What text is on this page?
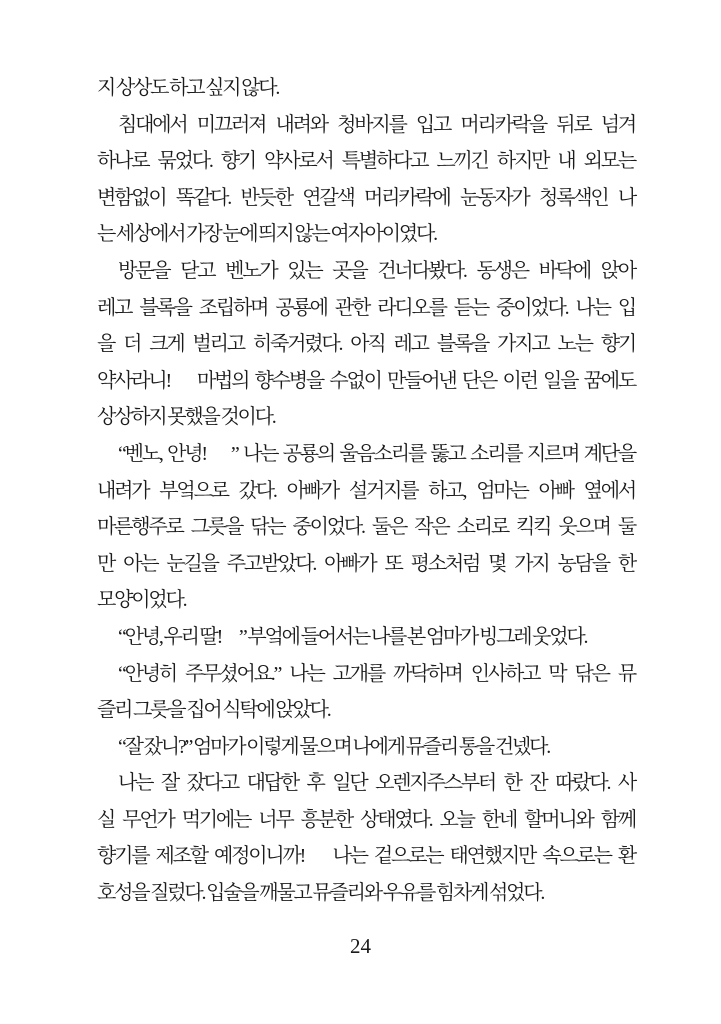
지 상상도 하고 싶지 않다.
침대에서 미끄러져 내려와 청바지를 입고 머리카락을 뒤로 넘겨
하나로 묶었다. 향기 약사로서 특별하다고 느끼긴 하지만 내 외모는
변함없이 똑같다. 반듯한 연갈색 머리카락에 눈동자가 청록색인 나
는 세상에서 가장 눈에 띄지 않는 여자아이였다.
방문을 닫고 벤노가 있는 곳을 건너다봤다. 동생은 바닥에 앉아
레고 블록을 조립하며 공룡에 관한 라디오를 듣는 중이었다. 나는 입
을 더 크게 벌리고 히죽거렸다. 아직 레고 블록을 가지고 노는 향기
약사라니!　마법의 향수병을 수없이 만들어낸 단은 이런 일을 꿈에도
상상하지 못했을 것이다.
“벤노, 안녕!　” 나는 공룡의 울음소리를 뚫고 소리를 지르며 계단을
내려가 부엌으로 갔다. 아빠가 설거지를 하고, 엄마는 아빠 옆에서
마른행주로 그릇을 닦는 중이었다. 둘은 작은 소리로 킥킥 웃으며 둘
만 아는 눈길을 주고받았다. 아빠가 또 평소처럼 몇 가지 농담을 한
모양이었다.
“안녕, 우리 딸!　” 부엌에 들어서는 나를 본 엄마가 빙그레 웃었다.
“안녕히 주무셨어요.” 나는 고개를 까닥하며 인사하고 막 닦은 뮤
즐리 그릇을 집어 식탁에 앉았다.
“잘 잤니?” 엄마가 이렇게 물으며 나에게 뮤즐리 통을 건넸다.
나는 잘 잤다고 대답한 후 일단 오렌지주스부터 한 잔 따랐다. 사
실 무언가 먹기에는 너무 흥분한 상태였다. 오늘 한네 할머니와 함께
향기를 제조할 예정이니까!　나는 겉으로는 태연했지만 속으로는 환
호성을 질렀다. 입술을 깨물고 뮤즐리와 우유를 힘차게 섞었다.
24
